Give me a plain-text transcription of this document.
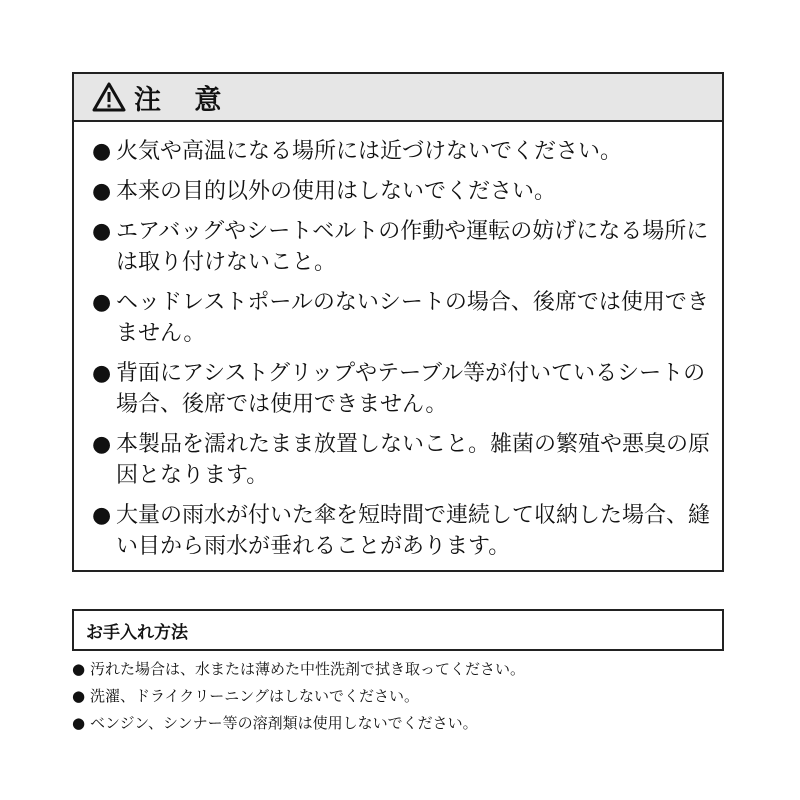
注 意
● 火気や高温になる場所には近づけないでください。
● 本来の目的以外の使用はしないでください。
● エアバッグやシートベルトの作動や運転の妨げになる場所には取り付けないこと。
● ヘッドレストポールのないシートの場合、後席では使用できません。
● 背面にアシストグリップやテーブル等が付いているシートの場合、後席では使用できません。
● 本製品を濡れたまま放置しないこと。雑菌の繁殖や悪臭の原因となります。
● 大量の雨水が付いた傘を短時間で連続して収納した場合、縫い目から雨水が垂れることがあります。
お手入れ方法
● 汚れた場合は、水または薄めた中性洗剤で拭き取ってください。
● 洗濯、ドライクリーニングはしないでください。
● ベンジン、シンナー等の溶剤類は使用しないでください。
